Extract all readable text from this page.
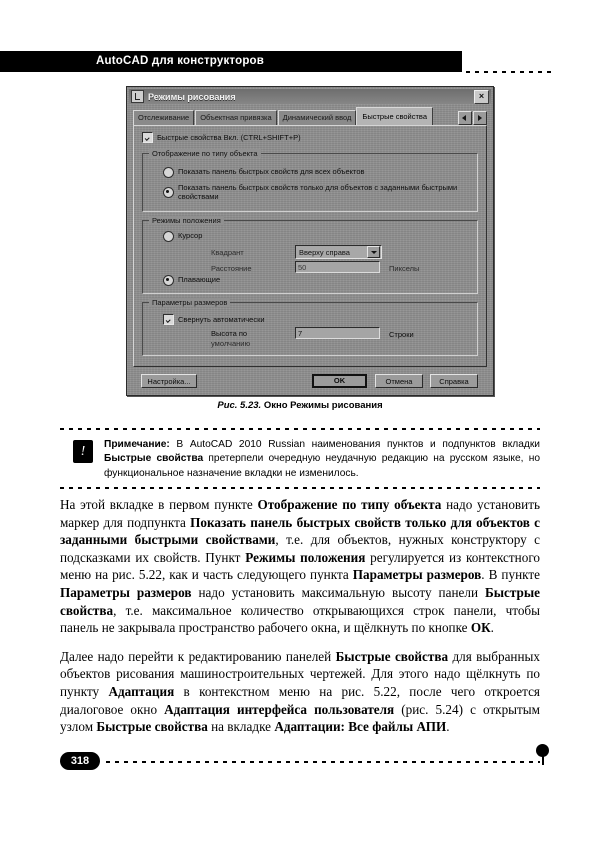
AutoCAD для конструкторов
Режимы рисования	×
Отслеживание	Объектная привязка	Динамический ввод	Быстрые свойства
Быстрые свойства Вкл. (CTRL+SHIFT+P)
Отображение по типу объекта
Показать панель быстрых свойств для всех объектов
Показать панель быстрых свойств только для объектов с заданными быстрыми свойствами
Режимы положения
Курсор
Квадрант	Вверху справа
Расстояние	50	Пикселы
Плавающие
Параметры размеров
Свернуть автоматически
Высота по
умолчанию
7	Строки
Настройка...	OK	Отмена	Справка
Рис. 5.23. Окно Режимы рисования
!	Примечание: В AutoCAD 2010 Russian наименования пунктов и подпунктов вкладки Быстрые свойства претерпели очередную неудачную редакцию на русском языке, но функциональное назначение вкладки не изменилось.

На этой вкладке в первом пункте Отображение по типу объекта надо установить маркер для подпункта Показать панель быстрых свойств только для объектов с заданными быстрыми свойствами, т.е. для объектов, нужных конструктору с подсказками их свойств. Пункт Режимы положения регулируется из контекстного меню на рис. 5.22, как и часть следующего пункта Параметры размеров. В пункте Параметры размеров надо установить максимальную высоту панели Быстрые свойства, т.е. максимальное количество открывающихся строк панели, чтобы панель не закрывала пространство рабочего окна, и щёлкнуть по кнопке ОК.

Далее надо перейти к редактированию панелей Быстрые свойства для выбранных объектов рисования машиностроительных чертежей. Для этого надо щёлкнуть по пункту Адаптация в контекстном меню на рис. 5.22, после чего откроется диалоговое окно Адаптация интерфейса пользователя (рис. 5.24) с открытым узлом Быстрые свойства на вкладке Адаптации: Все файлы АПИ.

318
